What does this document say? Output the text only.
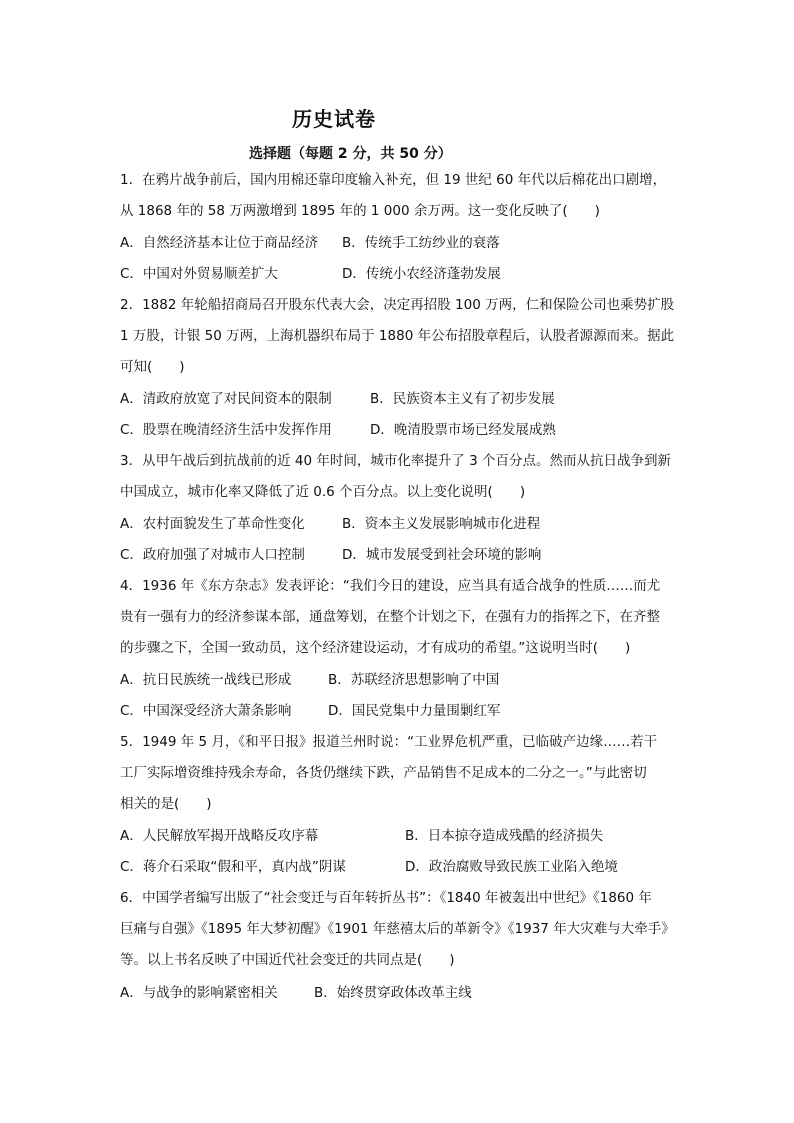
历史试卷
选择题（每题 2 分，共 50 分）
1．在鸦片战争前后，国内用棉还靠印度输入补充，但 19 世纪 60 年代以后棉花出口剧增，
从 1868 年的 58 万两激增到 1895 年的 1 000 余万两。这一变化反映了(　　)
A．自然经济基本让位于商品经济 B．传统手工纺纱业的衰落
C．中国对外贸易顺差扩大	D．传统小农经济蓬勃发展
2．1882 年轮船招商局召开股东代表大会，决定再招股 100 万两，仁和保险公司也乘势扩股
1 万股，计银 50 万两，上海机器织布局于 1880 年公布招股章程后，认股者源源而来。据此
可知(　　)
A．清政府放宽了对民间资本的限制	B．民族资本主义有了初步发展
C．股票在晚清经济生活中发挥作用	D．晚清股票市场已经发展成熟
3．从甲午战后到抗战前的近 40 年时间，城市化率提升了 3 个百分点。然而从抗日战争到新
中国成立，城市化率又降低了近 0.6 个百分点。以上变化说明(　　)
A．农村面貌发生了革命性变化	B．资本主义发展影响城市化进程
C．政府加强了对城市人口控制	D．城市发展受到社会环境的影响
4．1936 年《东方杂志》发表评论：“我们今日的建设，应当具有适合战争的性质……而尤
贵有一强有力的经济参谋本部，通盘筹划，在整个计划之下，在强有力的指挥之下，在齐整
的步骤之下，全国一致动员，这个经济建设运动，才有成功的希望。”这说明当时(　　)
A．抗日民族统一战线已形成	B．苏联经济思想影响了中国
C．中国深受经济大萧条影响	D．国民党集中力量围剿红军
5．1949 年 5 月，《和平日报》报道兰州时说：“工业界危机严重，已临破产边缘……若干
工厂实际增资维持残余寿命，各货仍继续下跌，产品销售不足成本的二分之一。”与此密切
相关的是(　　)
A．人民解放军揭开战略反攻序幕	B．日本掠夺造成残酷的经济损失
C．蒋介石采取“假和平，真内战”阴谋	D．政治腐败导致民族工业陷入绝境
6．中国学者编写出版了“社会变迁与百年转折丛书”：《1840 年被轰出中世纪》《1860 年
巨痛与自强》《1895 年大梦初醒》《1901 年慈禧太后的革新令》《1937 年大灾难与大牵手》
等。以上书名反映了中国近代社会变迁的共同点是(　　)
A．与战争的影响紧密相关	B．始终贯穿政体改革主线
